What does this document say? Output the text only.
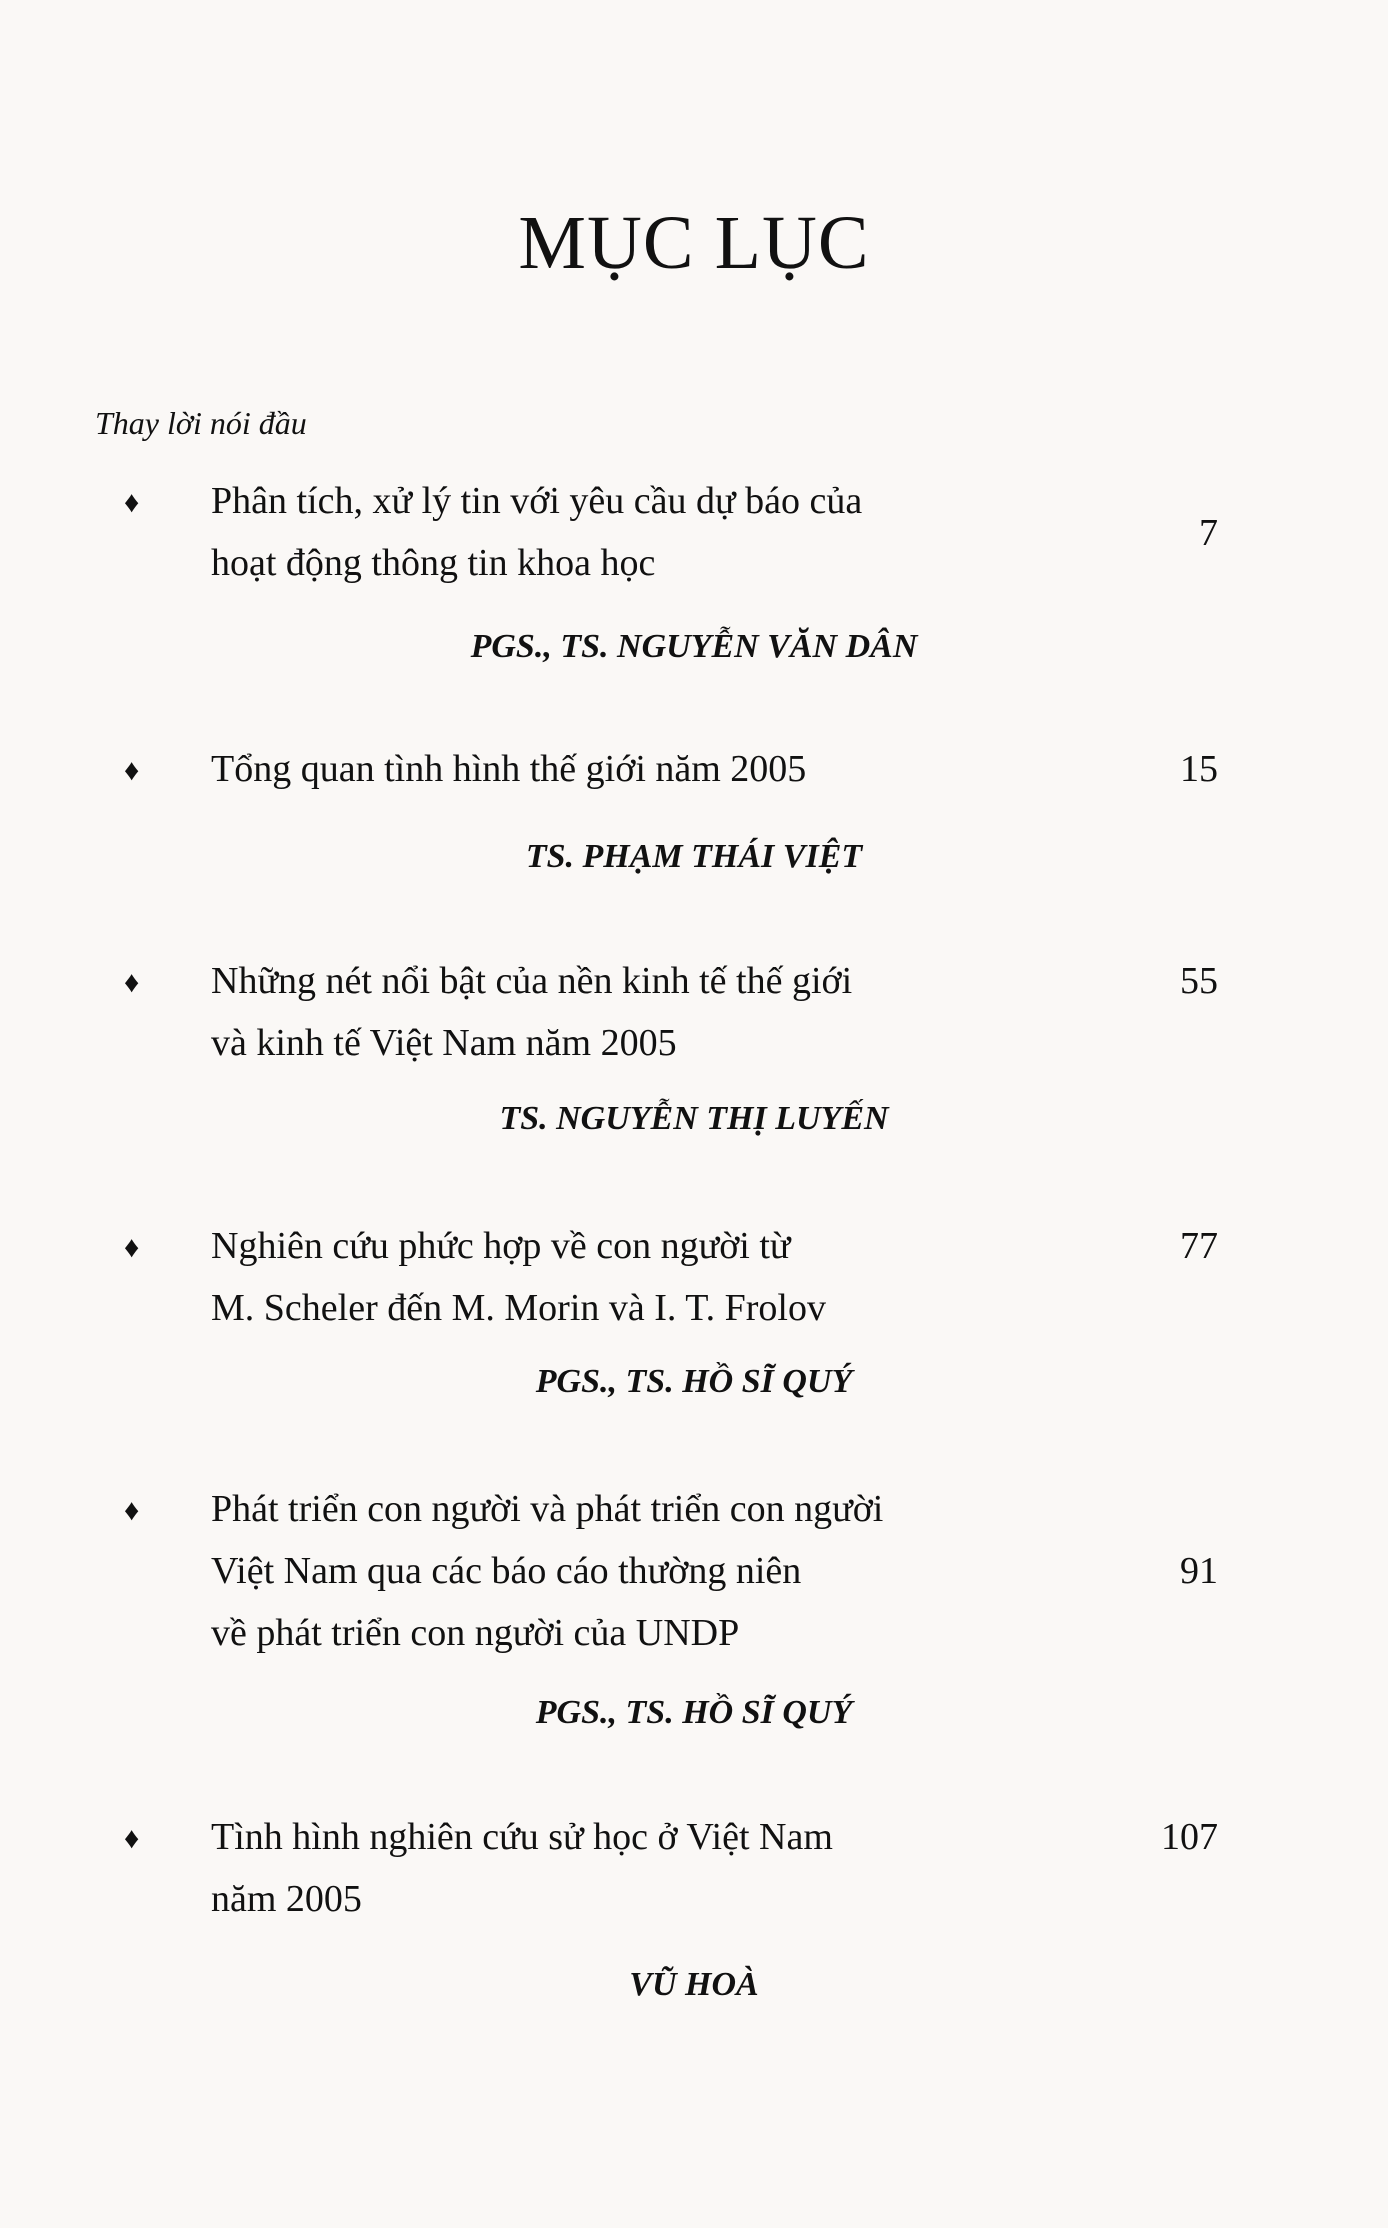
MỤC LỤC
Thay lời nói đầu
♦ Phân tích, xử lý tin với yêu cầu dự báo của
hoạt động thông tin khoa học
7
PGS., TS. NGUYỄN VĂN DÂN
♦ Tổng quan tình hình thế giới năm 2005	15
TS. PHẠM THÁI VIỆT
♦ Những nét nổi bật của nền kinh tế thế giới
và kinh tế Việt Nam năm 2005
55
TS. NGUYỄN THỊ LUYẾN
♦ Nghiên cứu phức hợp về con người từ
M. Scheler đến M. Morin và I. T. Frolov
77
PGS., TS. HỒ SĨ QUÝ
♦ Phát triển con người và phát triển con người
Việt Nam qua các báo cáo thường niên
về phát triển con người của UNDP
91
PGS., TS. HỒ SĨ QUÝ
♦ Tình hình nghiên cứu sử học ở Việt Nam
năm 2005
107
VŨ HOÀ
